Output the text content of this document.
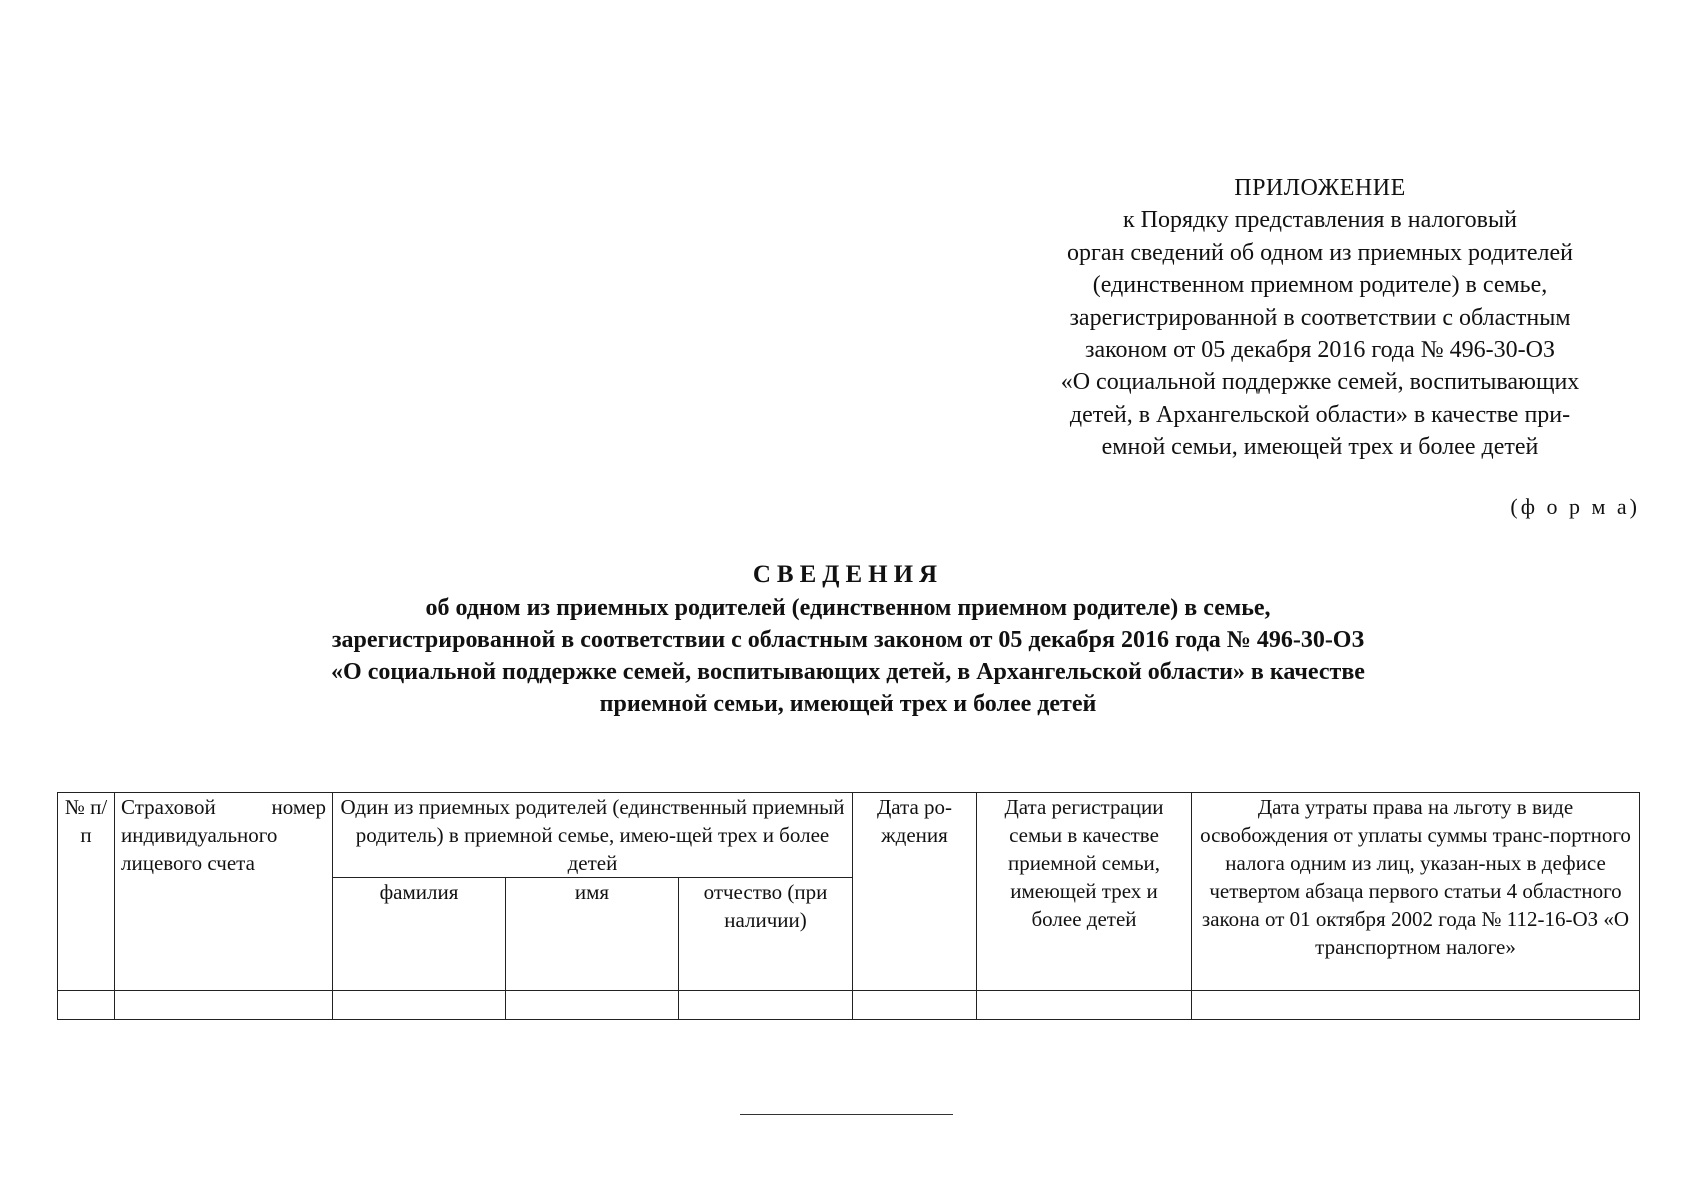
ПРИЛОЖЕНИЕ
к Порядку представления в налоговый
орган сведений об одном из приемных родителей
(единственном приемном родителе) в семье,
зарегистрированной в соответствии с областным
законом от 05 декабря 2016 года № 496-30-ОЗ
«О социальной поддержке семей, воспитывающих
детей, в Архангельской области» в качестве при-
емной семьи, имеющей трех и более детей
(ф о р м а)
СВЕДЕНИЯ
об одном из приемных родителей (единственном приемном родителе) в семье,
зарегистрированной в соответствии с областным законом от 05 декабря 2016 года № 496-30-ОЗ
«О социальной поддержке семей, воспитывающих детей, в Архангельской области» в качестве
приемной семьи, имеющей трех и более детей
№ п/п	Страховой номер индивидуального лицевого счета	Один из приемных родителей (единственный приемный родитель) в приемной семье, имею-щей трех и более детей			Дата ро-ждения	Дата регистрации семьи в качестве приемной семьи, имеющей трех и более детей	Дата утраты права на льготу в виде освобождения от уплаты суммы транс-портного налога одним из лиц, указан-ных в дефисе четвертом абзаца первого статьи 4 областного закона от 01 октября 2002 года № 112-16-ОЗ «О транспортном налоге»
		фамилия	имя	отчество (при наличии)			
